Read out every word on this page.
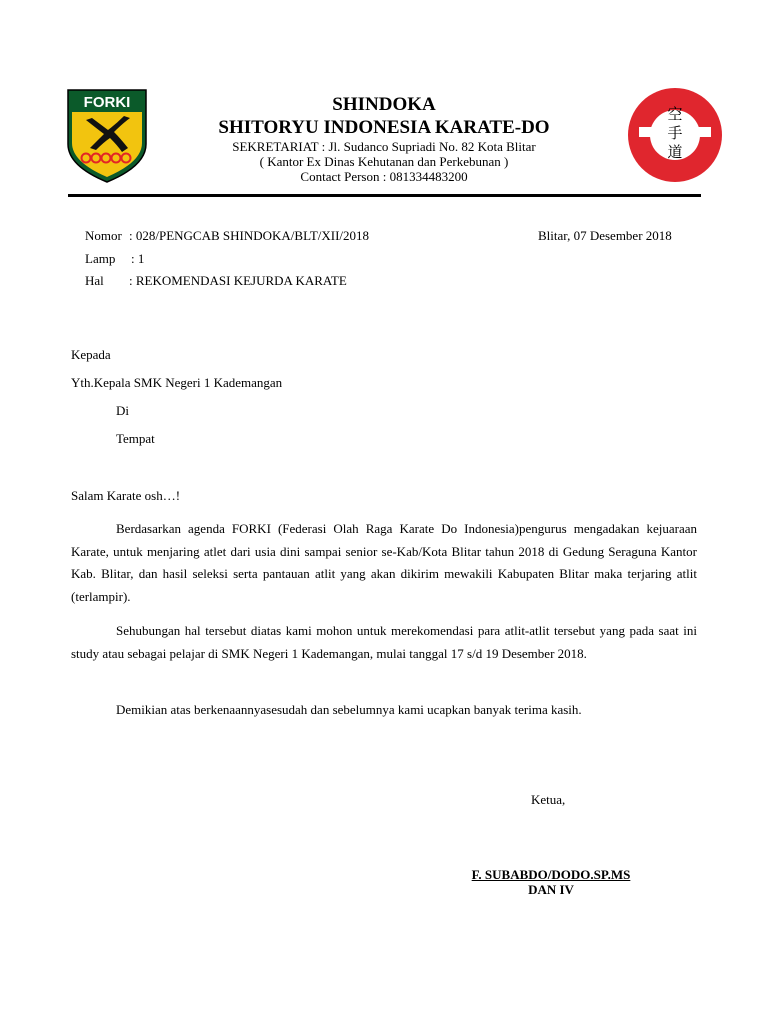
FORKI
空
手
道
SHINDOKA
SHITORYU INDONESIA KARATE-DO
SEKRETARIAT : Jl. Sudanco Supriadi No. 82 Kota Blitar
( Kantor Ex Dinas Kehutanan dan Perkebunan )
Contact Person : 081334483200
Nomor : 028/PENGCAB SHINDOKA/BLT/XII/2018	Blitar, 07 Desember 2018
Lamp : 1
Hal : REKOMENDASI KEJURDA KARATE
Kepada
Yth.Kepala SMK Negeri 1 Kademangan
Di
Tempat
Salam Karate osh…!
Berdasarkan agenda FORKI (Federasi Olah Raga Karate Do Indonesia)pengurus mengadakan kejuaraan Karate, untuk menjaring atlet dari usia dini sampai senior se-Kab/Kota Blitar tahun 2018 di Gedung Seraguna Kantor Kab. Blitar, dan hasil seleksi serta pantauan atlit yang akan dikirim mewakili Kabupaten Blitar maka terjaring atlit (terlampir).
Sehubungan hal tersebut diatas kami mohon untuk merekomendasi para atlit-atlit tersebut yang pada saat ini study atau sebagai pelajar di SMK Negeri 1 Kademangan, mulai tanggal 17 s/d 19 Desember 2018.
Demikian atas berkenaannyasesudah dan sebelumnya kami ucapkan banyak terima kasih.
Ketua,
F. SUBABDO/DODO.SP.MS
DAN IV
